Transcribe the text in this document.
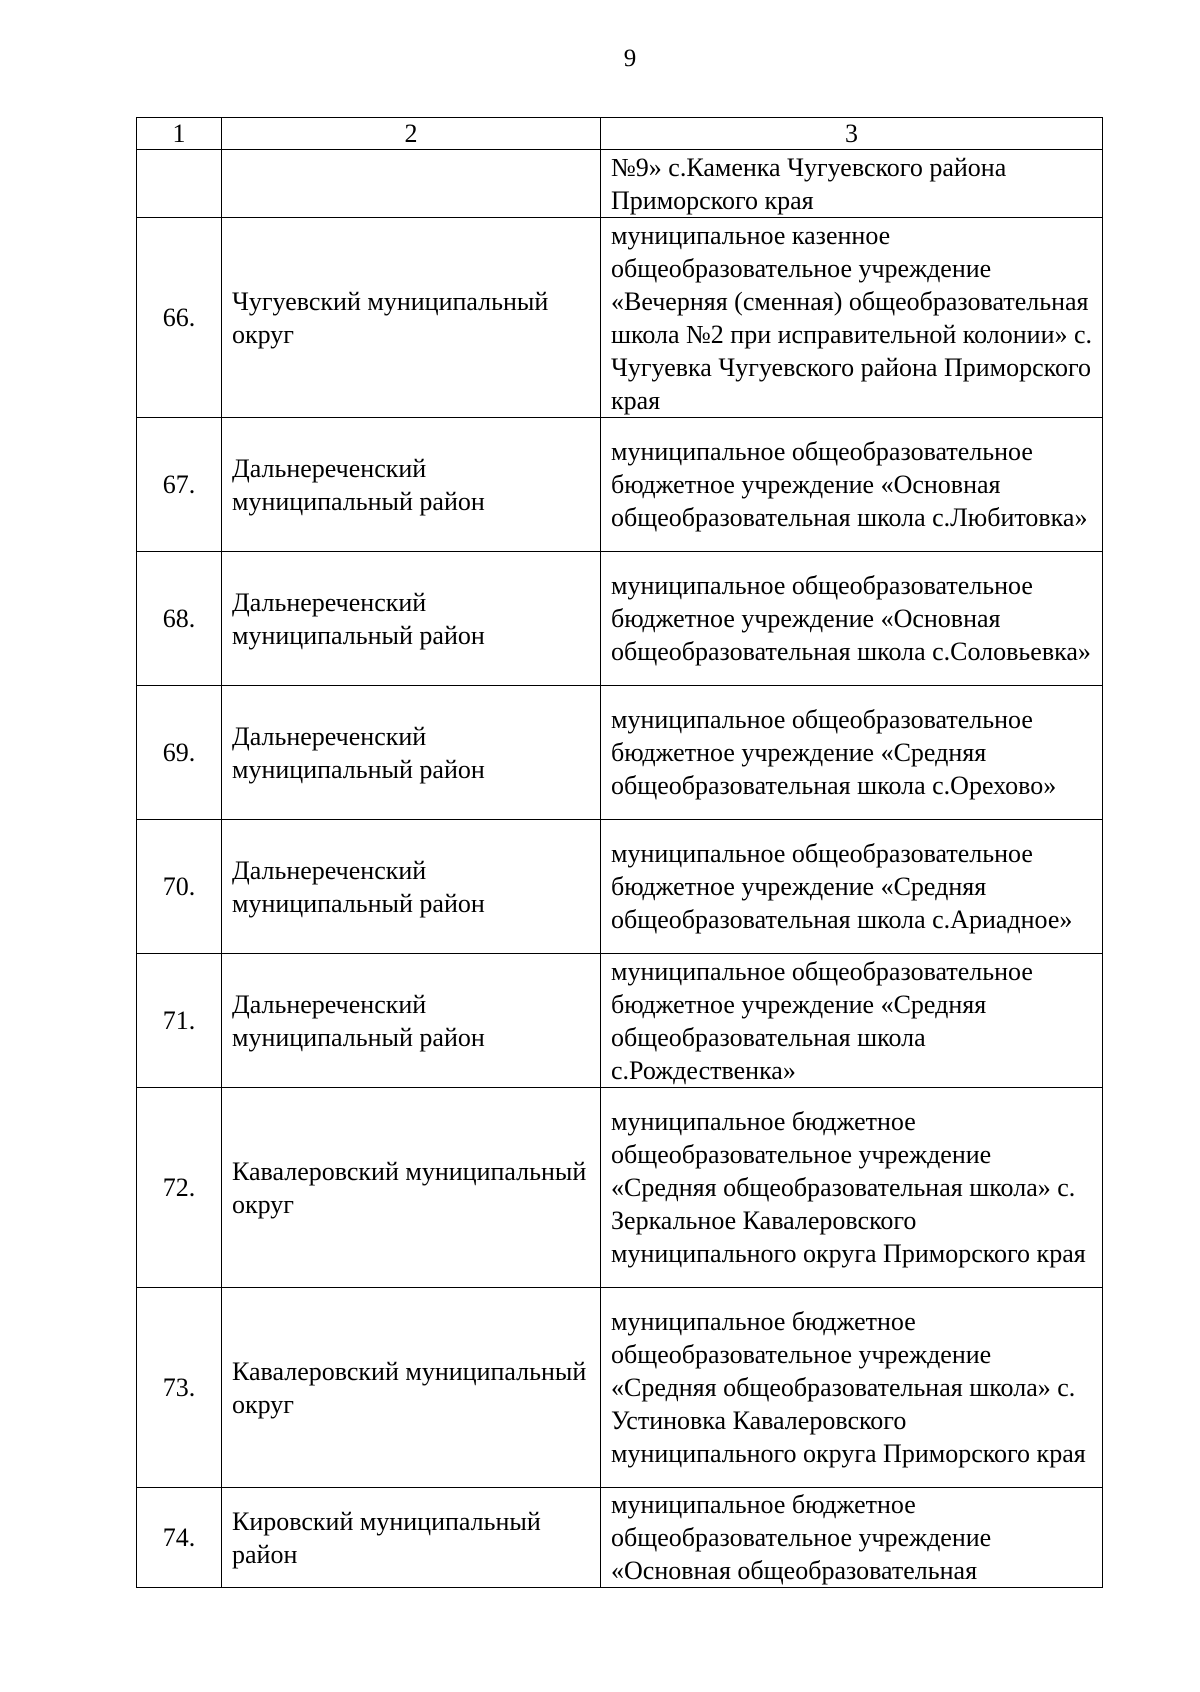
9
1	2	3
		№9» с.Каменка Чугуевского района Приморского края
66.	Чугуевский муниципальный округ	муниципальное казенное общеобразовательное учреждение «Вечерняя (сменная) общеобразовательная школа №2 при исправительной колонии» с. Чугуевка Чугуевского района Приморского края
67.	Дальнереченский муниципальный район	муниципальное общеобразовательное бюджетное учреждение «Основная общеобразовательная школа с.Любитовка»
68.	Дальнереченский муниципальный район	муниципальное общеобразовательное бюджетное учреждение «Основная общеобразовательная школа с.Соловьевка»
69.	Дальнереченский муниципальный район	муниципальное общеобразовательное бюджетное учреждение «Средняя общеобразовательная школа с.Орехово»
70.	Дальнереченский муниципальный район	муниципальное общеобразовательное бюджетное учреждение «Средняя общеобразовательная школа с.Ариадное»
71.	Дальнереченский муниципальный район	муниципальное общеобразовательное бюджетное учреждение «Средняя общеобразовательная школа с.Рождественка»
72.	Кавалеровский муниципальный округ	муниципальное бюджетное общеобразовательное учреждение «Средняя общеобразовательная школа» с. Зеркальное Кавалеровского муниципального округа Приморского края
73.	Кавалеровский муниципальный округ	муниципальное бюджетное общеобразовательное учреждение «Средняя общеобразовательная школа» с. Устиновка Кавалеровского муниципального округа Приморского края
74.	Кировский муниципальный район	муниципальное бюджетное общеобразовательное учреждение «Основная общеобразовательная
